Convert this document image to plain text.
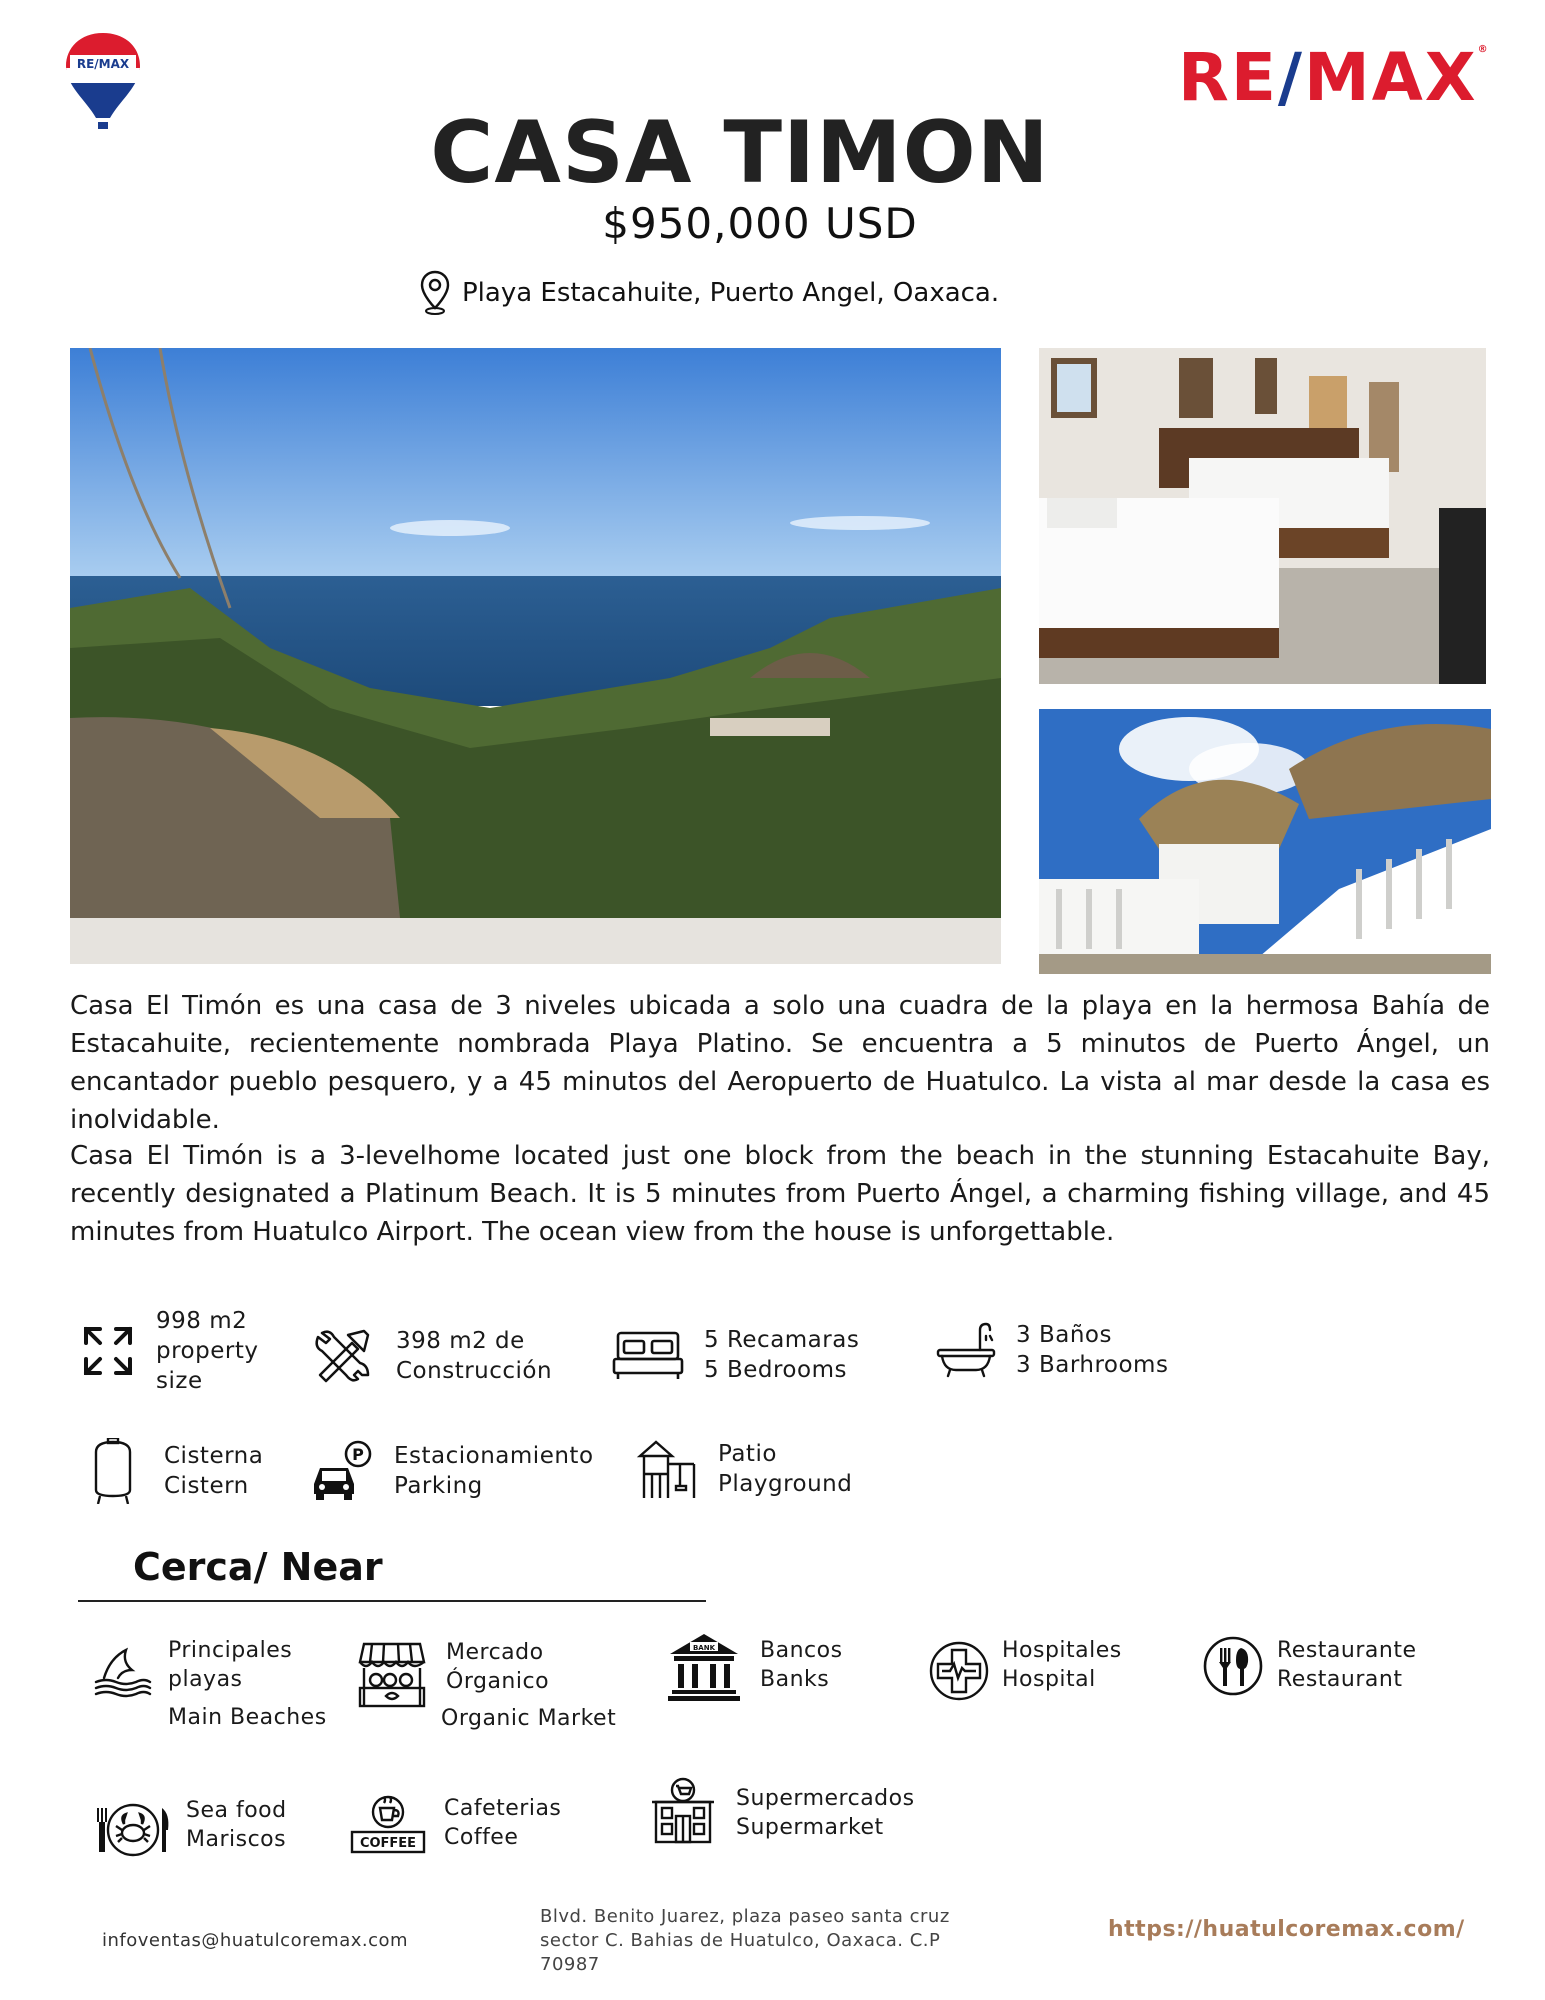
RE/MAX	RE/MAX®
CASA TIMON
$950,000 USD
Playa Estacahuite, Puerto Angel, Oaxaca.
Casa El Timón es una casa de 3 niveles ubicada a solo una cuadra de la playa en la hermosa Bahía de Estacahuite, recientemente nombrada Playa Platino. Se encuentra a 5 minutos de Puerto Ángel, un encantador pueblo pesquero, y a 45 minutos del Aeropuerto de Huatulco. La vista al mar desde la casa es inolvidable.
Casa El Timón is a 3-levelhome located just one block from the beach in the stunning Estacahuite Bay, recently designated a Platinum Beach. It is 5 minutes from Puerto Ángel, a charming fishing village, and 45 minutes from Huatulco Airport. The ocean view from the house is unforgettable.
998 m2
property
size
398 m2 de
Construcción
5 Recamaras
5 Bedrooms
3 Baños
3 Barhrooms
Cisterna
Cistern
P Estacionamiento
Parking
Patio
Playground
Cerca/ Near
Principales
playas
Main Beaches
Mercado
Órganico
Organic Market
BANK Bancos
Banks
Hospitales
Hospital
Restaurante
Restaurant
Sea food
Mariscos	COFFEE
Cafeterias
Coffee
Supermercados
Supermarket
infoventas@huatulcoremax.com
Blvd. Benito Juarez, plaza paseo santa cruz sector C. Bahias de Huatulco, Oaxaca. C.P 70987
https://huatulcoremax.com/
